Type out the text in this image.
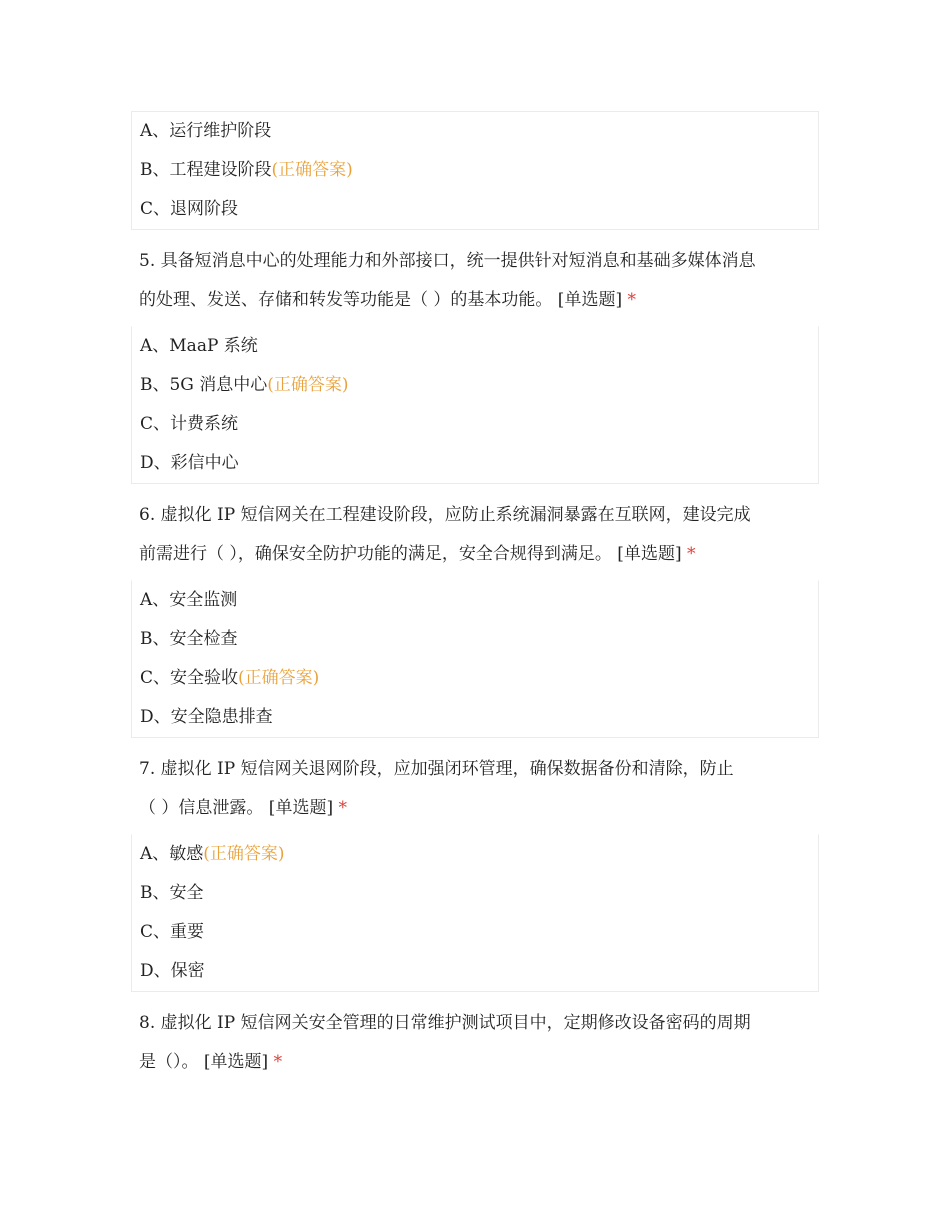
A、运行维护阶段
B、工程建设阶段(正确答案)
C、退网阶段
5. 具备短消息中心的处理能力和外部接口，统一提供针对短消息和基础多媒体消息
的处理、发送、存储和转发等功能是（ ）的基本功能。 [单选题] *
A、MaaP 系统
B、5G 消息中心(正确答案)
C、计费系统
D、彩信中心
6. 虚拟化 IP 短信网关在工程建设阶段，应防止系统漏洞暴露在互联网，建设完成
前需进行（ ），确保安全防护功能的满足，安全合规得到满足。 [单选题] *
A、安全监测
B、安全检查
C、安全验收(正确答案)
D、安全隐患排查
7. 虚拟化 IP 短信网关退网阶段，应加强闭环管理，确保数据备份和清除，防止
（ ）信息泄露。 [单选题] *
A、敏感(正确答案)
B、安全
C、重要
D、保密
8. 虚拟化 IP 短信网关安全管理的日常维护测试项目中，定期修改设备密码的周期
是（）。 [单选题] *
